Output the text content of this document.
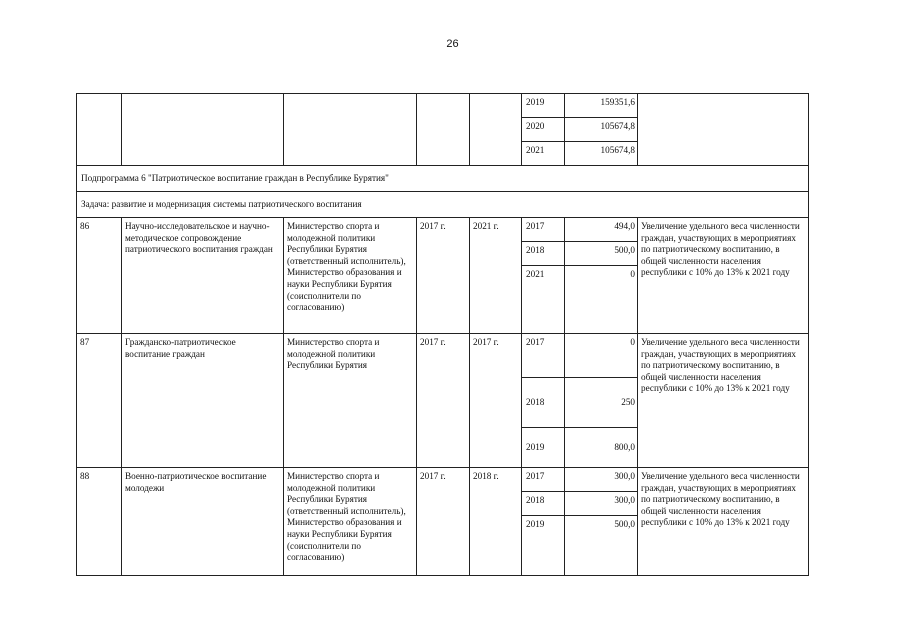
26
					2019	159351,6	
					2020	105674,8	
					2021	105674,8	
Подпрограмма 6 "Патриотическое воспитание граждан в Республике Бурятия"							
Задача: развитие и модернизация системы патриотического воспитания							
86	Научно-исследовательское и научно-методическое сопровождение патриотического воспитания граждан	Министерство спорта и молодежной политики Республики Бурятия (ответственный исполнитель), Министерство образования и науки Республики Бурятия (соисполнители по согласованию)	2017 г.	2021 г.	2017	494,0	Увеличение удельного веса численности граждан, участвующих в мероприятиях по патриотическому воспитанию, в общей численности населения республики с 10% до 13% к 2021 году
					2018	500,0	
					2021	0	
87	Гражданско-патриотическое воспитание граждан	Министерство спорта и молодежной политики Республики Бурятия	2017 г.	2017 г.	2017	0	Увеличение удельного веса численности граждан, участвующих в мероприятиях по патриотическому воспитанию, в общей численности населения республики с 10% до 13% к 2021 году
					2018	250	
					2019	800,0	
88	Военно-патриотическое воспитание молодежи	Министерство спорта и молодежной политики Республики Бурятия (ответственный исполнитель), Министерство образования и науки Республики Бурятия (соисполнители по согласованию)	2017 г.	2018 г.	2017	300,0	Увеличение удельного веса численности граждан, участвующих в мероприятиях по патриотическому воспитанию, в общей численности населения республики с 10% до 13% к 2021 году
					2018	300,0	
					2019	500,0	
